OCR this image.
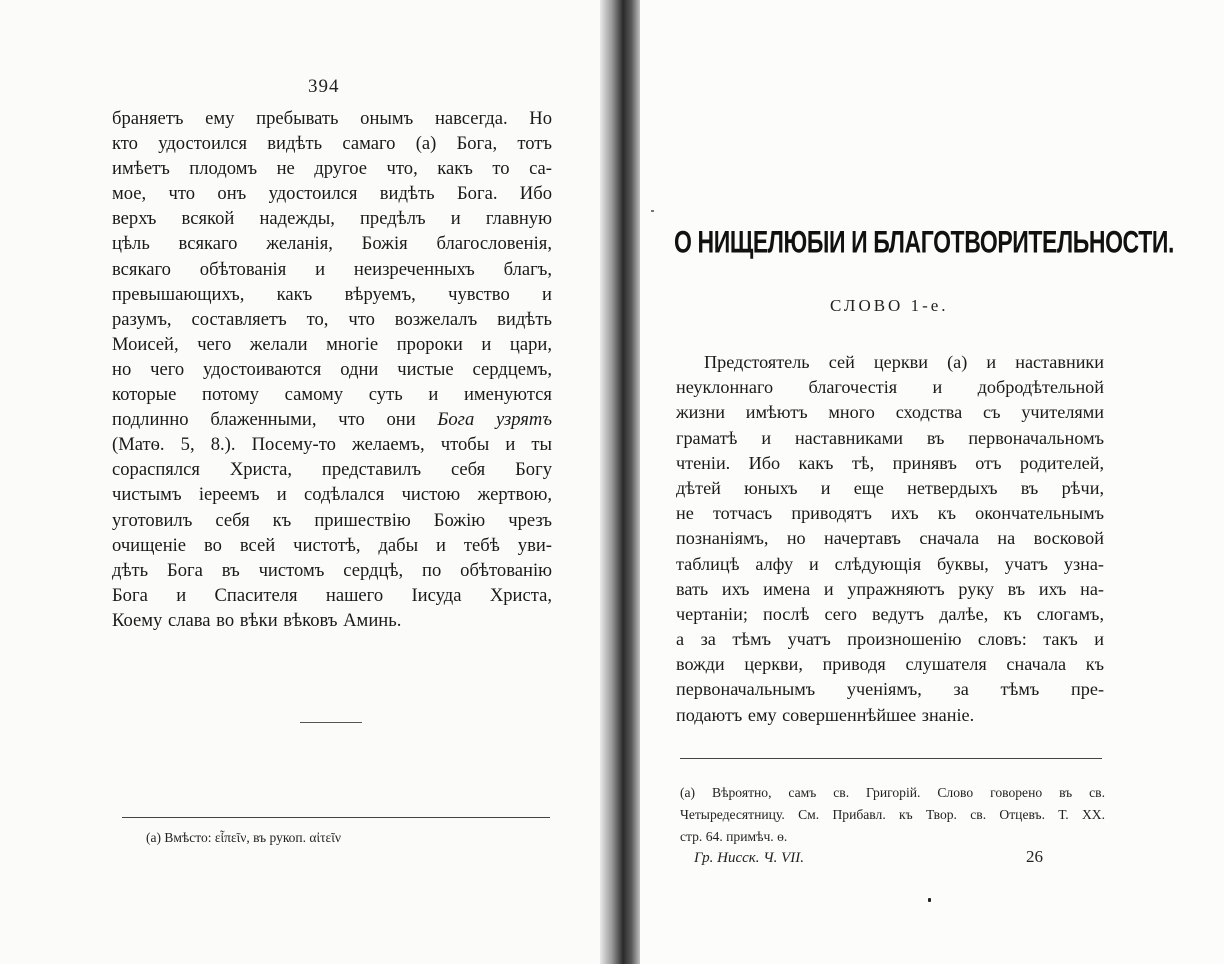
394
браняетъ ему пребывать онымъ навсегда. Но
кто удостоился видѣть самаго (а) Бога, тотъ
имѣетъ плодомъ не другое что, какъ то са-
мое, что онъ удостоился видѣть Бога. Ибо
верхъ всякой надежды, предѣлъ и главную
цѣль всякаго желанія, Божія благословенія,
всякаго обѣтованія и неизреченныхъ благъ,
превышающихъ, какъ вѣруемъ, чувство и
разумъ, составляетъ то, что возжелалъ видѣть
Моисей, чего желали многіе пророки и цари,
но чего удостоиваются одни чистые сердцемъ,
которые потому самому суть и именуются
подлинно блаженными, что они Бога узрятъ
(Матѳ. 5, 8.). Посему-то желаемъ, чтобы и ты
сораспялся Христа, представилъ себя Богу
чистымъ іереемъ и содѣлался чистою жертвою,
уготовилъ себя къ пришествію Божію чрезъ
очищеніе во всей чистотѣ, дабы и тебѣ уви-
дѣть Бога въ чистомъ сердцѣ, по обѣтованію
Бога и Спасителя нашего Іисуда Христа,
Коему слава во вѣки вѣковъ Аминь.
(а) Вмѣсто: εἶπεῖν, въ рукоп. αἰτεῖν
О НИЩЕЛЮБІИ И БЛАГОТВОРИТЕЛЬНОСТИ.
СЛОВО 1-е.
Предстоятель сей церкви (а) и наставники
неуклоннаго благочестія и добродѣтельной
жизни имѣютъ много сходства съ учителями
граматѣ и наставниками въ первоначальномъ
чтеніи. Ибо какъ тѣ, принявъ отъ родителей,
дѣтей юныхъ и еще нетвердыхъ въ рѣчи,
не тотчасъ приводятъ ихъ къ окончательнымъ
познаніямъ, но начертавъ сначала на восковой
таблицѣ алфу и слѣдующія буквы, учатъ узна-
вать ихъ имена и упражняютъ руку въ ихъ на-
чертаніи; послѣ сего ведутъ далѣе, къ слогамъ,
а за тѣмъ учатъ произношенію словъ: такъ и
вожди церкви, приводя слушателя сначала къ
первоначальнымъ ученіямъ, за тѣмъ пре-
подаютъ ему совершеннѣйшее знаніе.
(а) Вѣроятно, самъ св. Григорій. Слово говорено въ св.
Четыредесятницу. См. Прибавл. къ Твор. св. Отцевъ. Т. XX.
стр. 64. примѣч. ѳ.
Гр. Нисск. Ч. VII.	26
